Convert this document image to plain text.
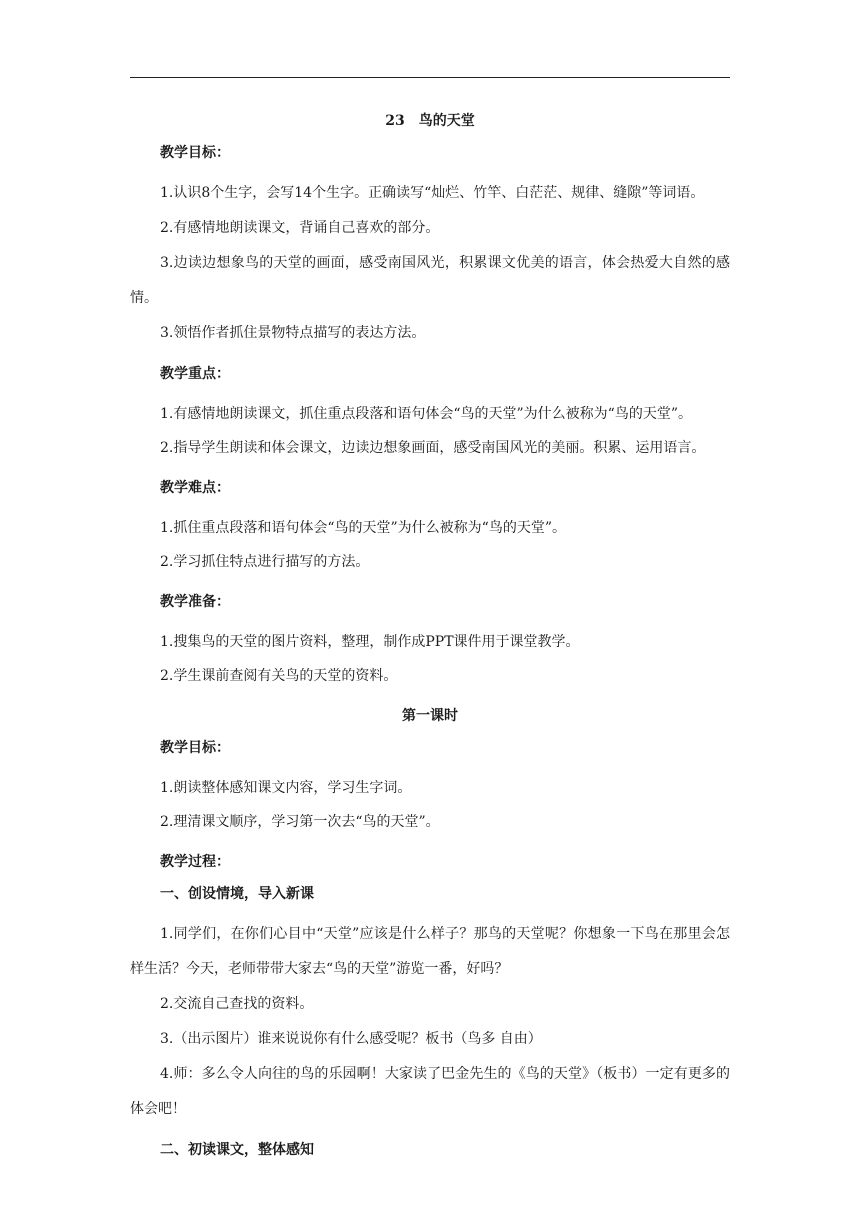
23　鸟的天堂
教学目标：

1.认识8个生字，会写14个生字。正确读写“灿烂、竹竿、白茫茫、规律、缝隙”等词语。

2.有感情地朗读课文，背诵自己喜欢的部分。

3.边读边想象鸟的天堂的画面，感受南国风光，积累课文优美的语言，体会热爱大自然的感情。

3.领悟作者抓住景物特点描写的表达方法。

教学重点：

1.有感情地朗读课文，抓住重点段落和语句体会“鸟的天堂”为什么被称为“鸟的天堂”。

2.指导学生朗读和体会课文，边读边想象画面，感受南国风光的美丽。积累、运用语言。

教学难点：

1.抓住重点段落和语句体会“鸟的天堂”为什么被称为“鸟的天堂”。

2.学习抓住特点进行描写的方法。

教学准备：

1.搜集鸟的天堂的图片资料，整理，制作成PPT课件用于课堂教学。

2.学生课前查阅有关鸟的天堂的资料。

第一课时
教学目标：

1.朗读整体感知课文内容，学习生字词。

2.理清课文顺序，学习第一次去“鸟的天堂”。

教学过程：
一、创设情境，导入新课

1.同学们，在你们心目中“天堂”应该是什么样子？那鸟的天堂呢？你想象一下鸟在那里会怎样生活？今天，老师带带大家去“鸟的天堂”游览一番，好吗？

2.交流自己查找的资料。

3.（出示图片）谁来说说你有什么感受呢？板书（鸟多 自由）

4.师：多么令人向往的鸟的乐园啊！大家读了巴金先生的《鸟的天堂》（板书）一定有更多的体会吧！

二、初读课文，整体感知
